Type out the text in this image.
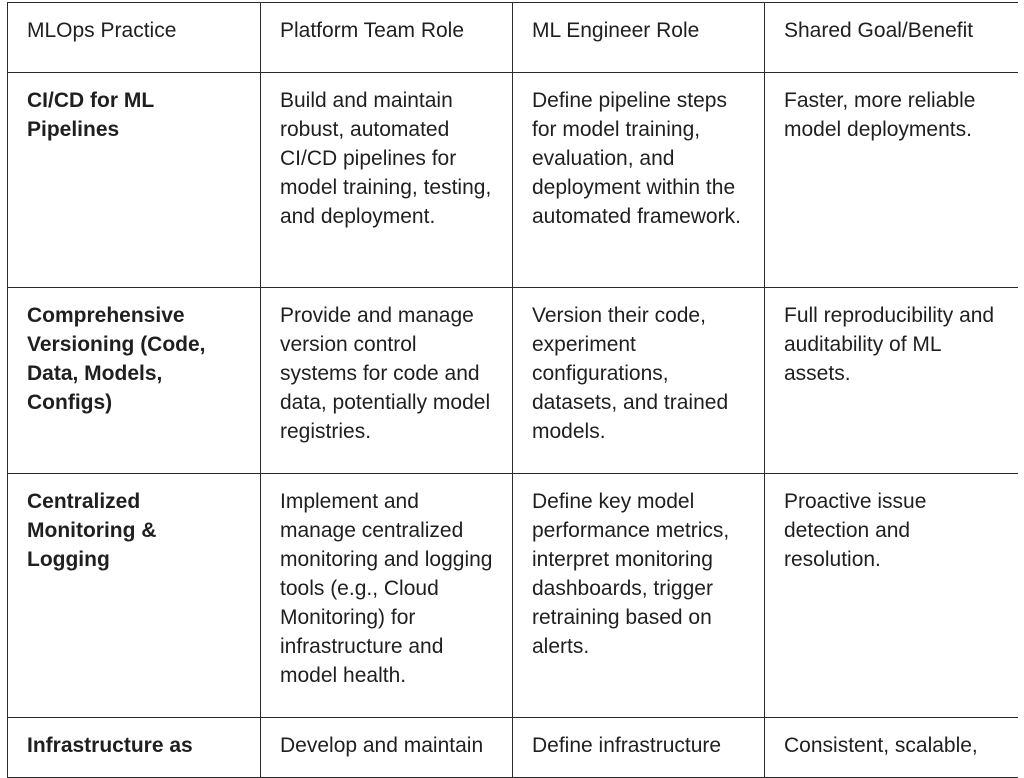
MLOps Practice	Platform Team Role	ML Engineer Role	Shared Goal/Benefit
CI/CD for ML Pipelines	Build and maintain robust, automated CI/CD pipelines for model training, testing, and deployment.	Define pipeline steps for model training, evaluation, and deployment within the automated framework.	Faster, more reliable model deployments.
Comprehensive Versioning (Code, Data, Models, Configs)	Provide and manage version control systems for code and data, potentially model registries.	Version their code, experiment configurations, datasets, and trained models.	Full reproducibility and auditability of ML assets.
Centralized Monitoring & Logging	Implement and manage centralized monitoring and logging tools (e.g., Cloud Monitoring) for infrastructure and model health.	Define key model performance metrics, interpret monitoring dashboards, trigger retraining based on alerts.	Proactive issue detection and resolution.
Infrastructure as	Develop and maintain	Define infrastructure	Consistent, scalable,
